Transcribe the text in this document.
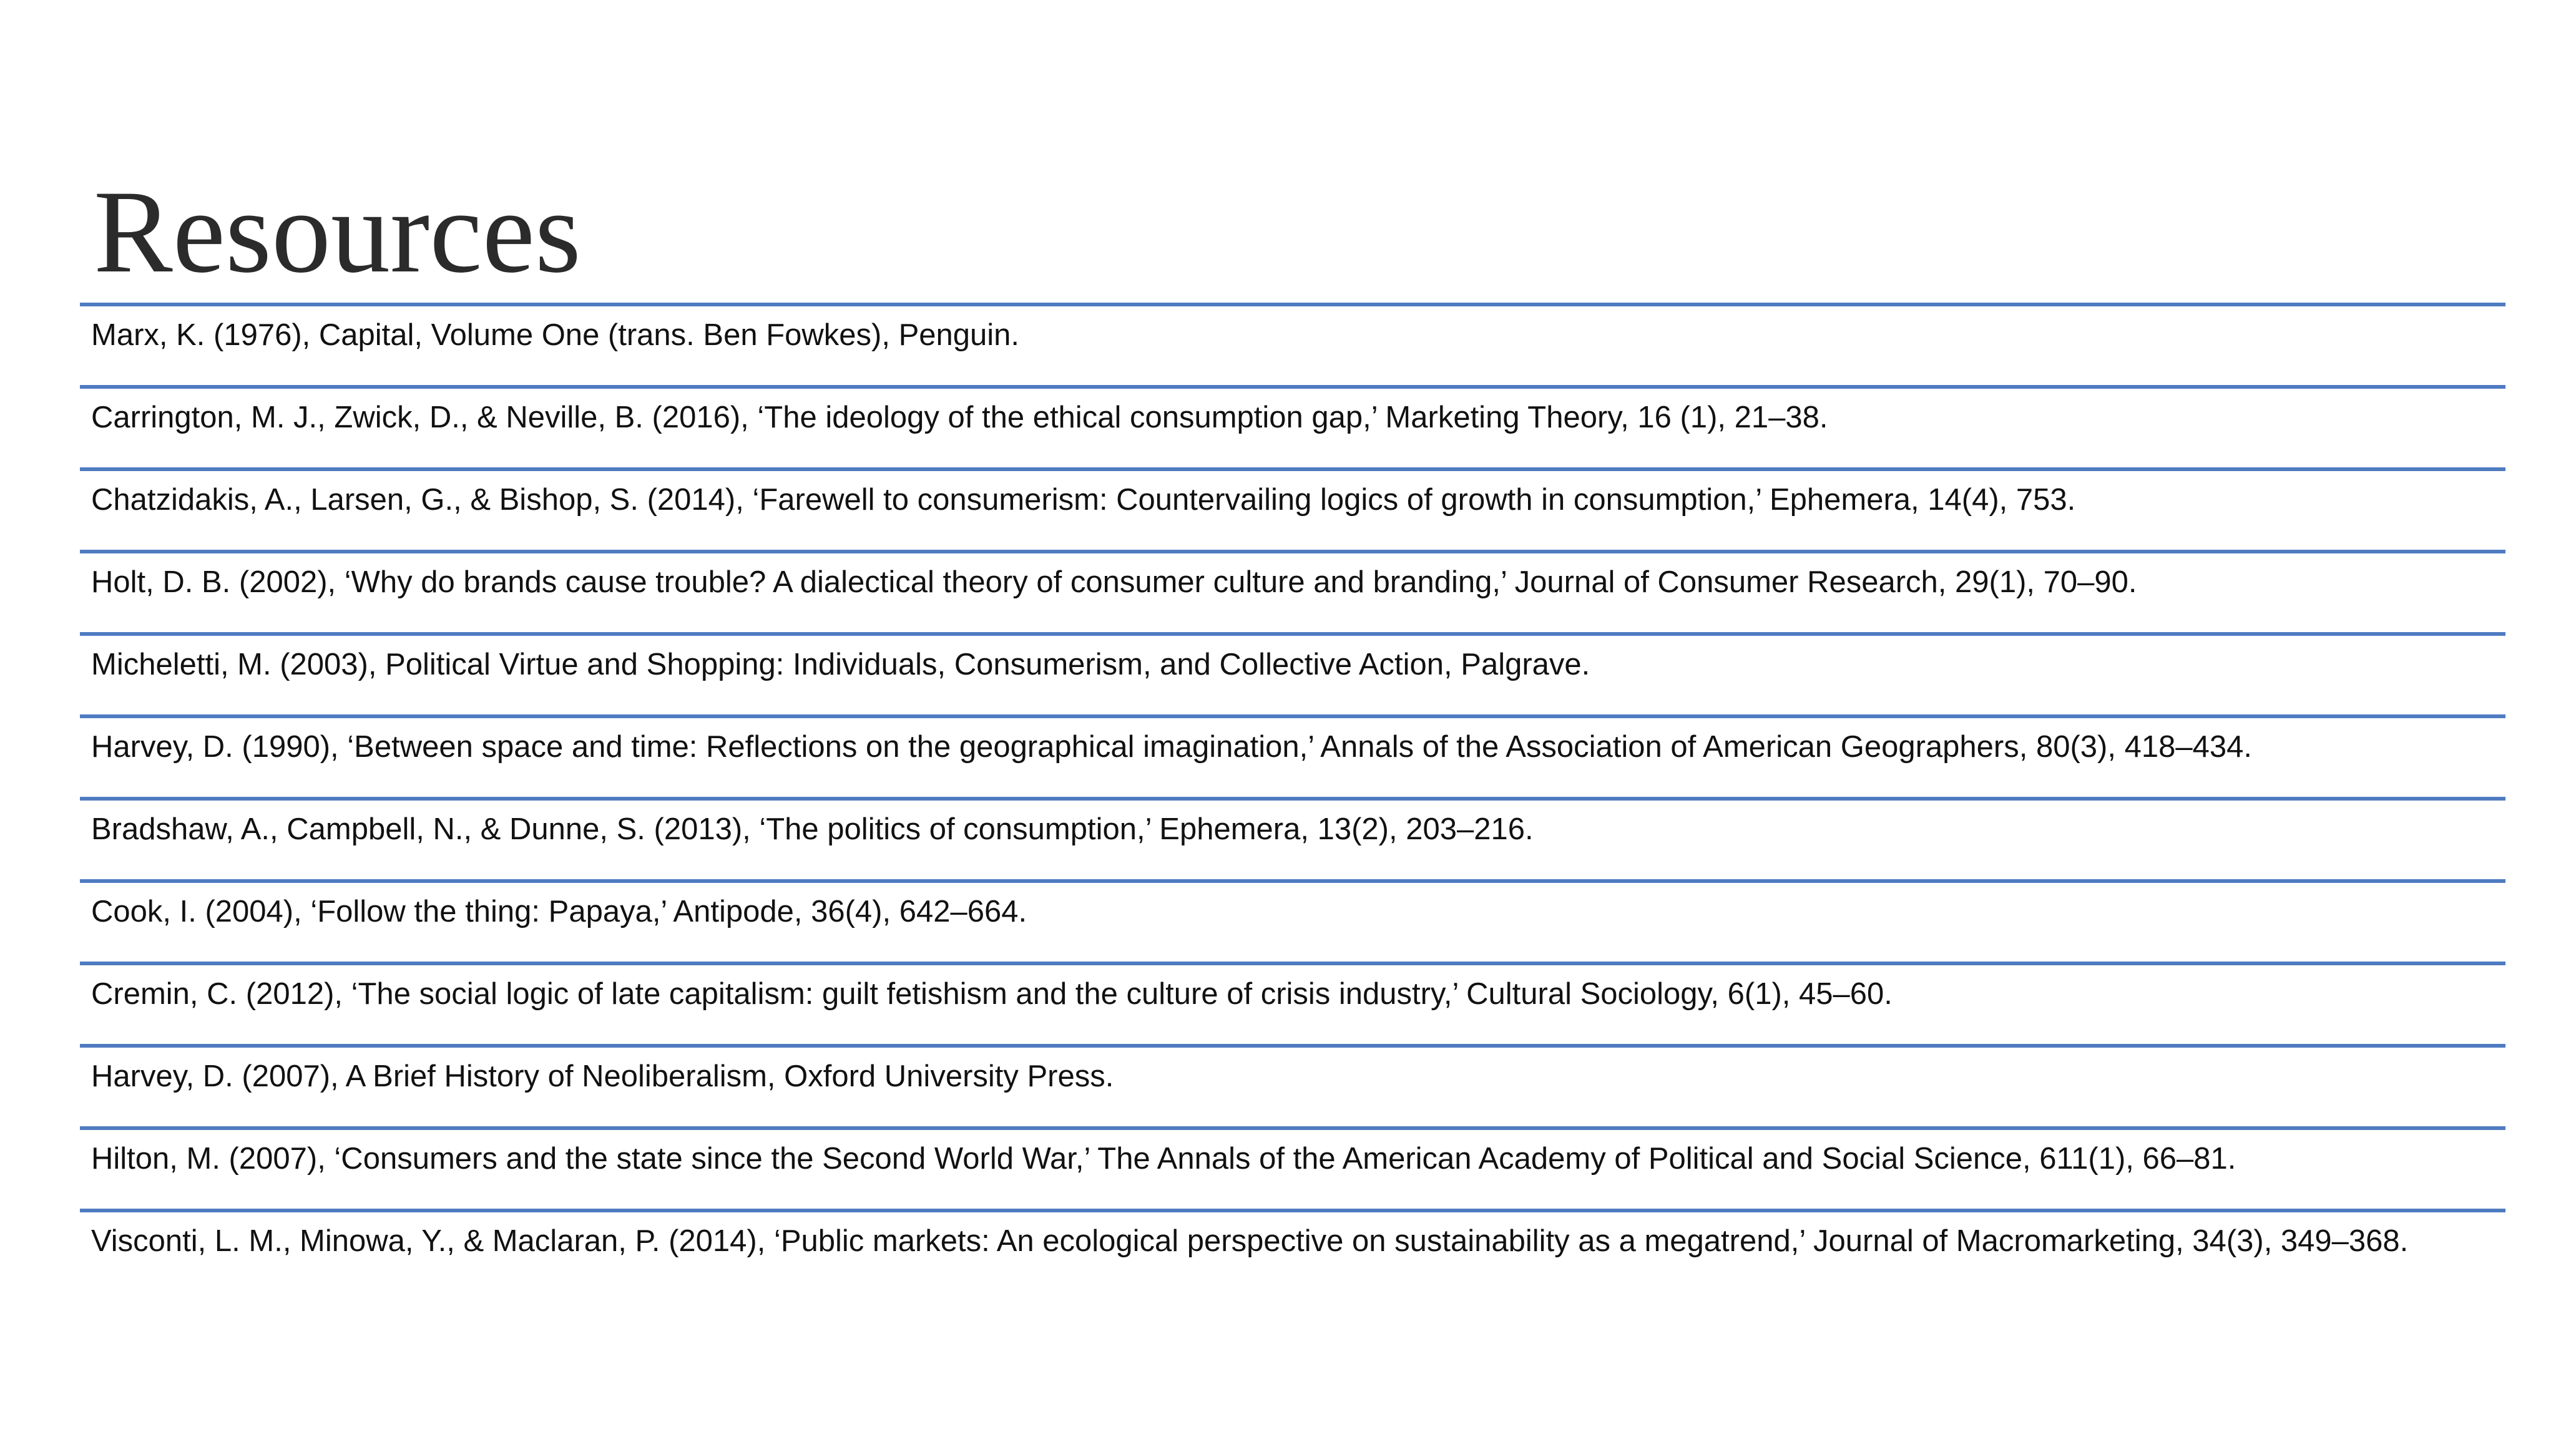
Resources
Marx, K. (1976), Capital, Volume One (trans. Ben Fowkes), Penguin.
Carrington, M. J., Zwick, D., & Neville, B. (2016), ‘The ideology of the ethical consumption gap,’ Marketing Theory, 16 (1), 21–38.
Chatzidakis, A., Larsen, G., & Bishop, S. (2014), ‘Farewell to consumerism: Countervailing logics of growth in consumption,’ Ephemera, 14(4), 753.
Holt, D. B. (2002), ‘Why do brands cause trouble? A dialectical theory of consumer culture and branding,’ Journal of Consumer Research, 29(1), 70–90.
Micheletti, M. (2003), Political Virtue and Shopping: Individuals, Consumerism, and Collective Action, Palgrave.
Harvey, D. (1990), ‘Between space and time: Reflections on the geographical imagination,’ Annals of the Association of American Geographers, 80(3), 418–434.
Bradshaw, A., Campbell, N., & Dunne, S. (2013), ‘The politics of consumption,’ Ephemera, 13(2), 203–216.
Cook, I. (2004), ‘Follow the thing: Papaya,’ Antipode, 36(4), 642–664.
Cremin, C. (2012), ‘The social logic of late capitalism: guilt fetishism and the culture of crisis industry,’ Cultural Sociology, 6(1), 45–60.
Harvey, D. (2007), A Brief History of Neoliberalism, Oxford University Press.
Hilton, M. (2007), ‘Consumers and the state since the Second World War,’ The Annals of the American Academy of Political and Social Science, 611(1), 66–81.
Visconti, L. M., Minowa, Y., & Maclaran, P. (2014), ‘Public markets: An ecological perspective on sustainability as a megatrend,’ Journal of Macromarketing, 34(3), 349–368.
